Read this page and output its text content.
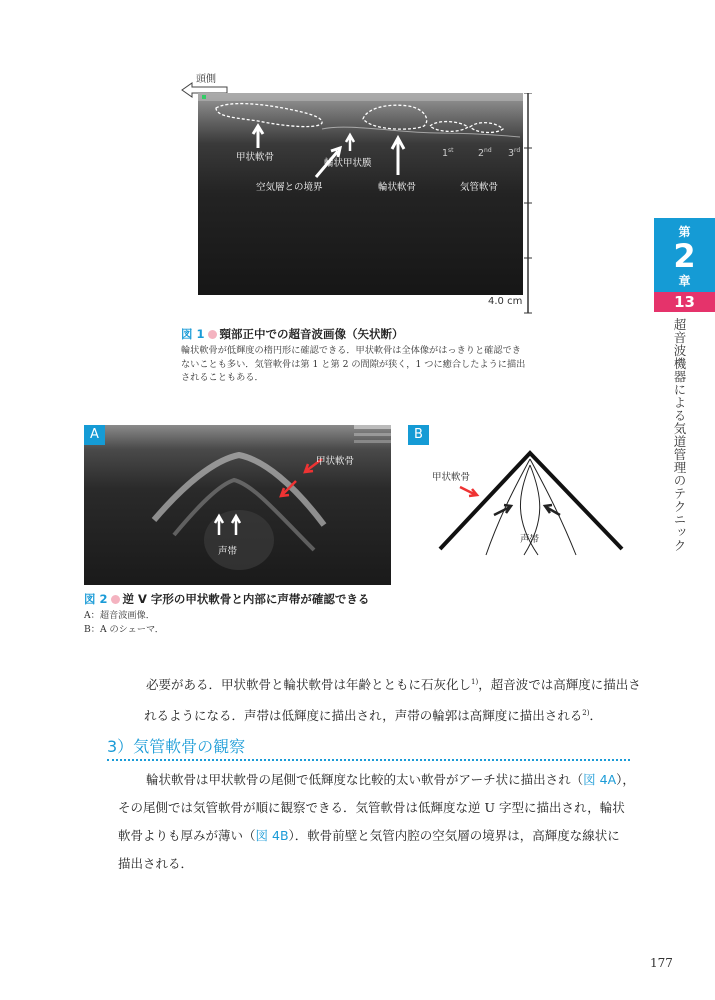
頭側
甲状軟骨
輪状甲状膜
空気層との境界	輪状軟骨	気管軟骨
1st	2nd 3rd
4.0 cm
図 1 頸部正中での超音波画像（矢状断）
輪状軟骨が低輝度の楕円形に確認できる．甲状軟骨は全体像がはっきりと確認でき
ないことも多い．気管軟骨は第 1 と第 2 の間隙が狭く，1 つに癒合したように描出
されることもある．
A
甲状軟骨
声帯
B
甲状軟骨
声帯
図 2 逆 V 字形の甲状軟骨と内部に声帯が確認できる
A：超音波画像．
B：A のシェーマ．
第
2
章
13
超音波機器による気道管理のテクニック
必要がある．甲状軟骨と輪状軟骨は年齢とともに石灰化し$^{1)}$，超音波では高輝度に描出さ
れるようになる．声帯は低輝度に描出され，声帯の輪郭は高輝度に描出される$^{2)}$．
3）気管軟骨の観察
輪状軟骨は甲状軟骨の尾側で低輝度な比較的太い軟骨がアーチ状に描出され（図 4A），
その尾側では気管軟骨が順に観察できる．気管軟骨は低輝度な逆 U 字型に描出され，輪状
軟骨よりも厚みが薄い（図 4B）．軟骨前壁と気管内腔の空気層の境界は，高輝度な線状に
描出される．
177
